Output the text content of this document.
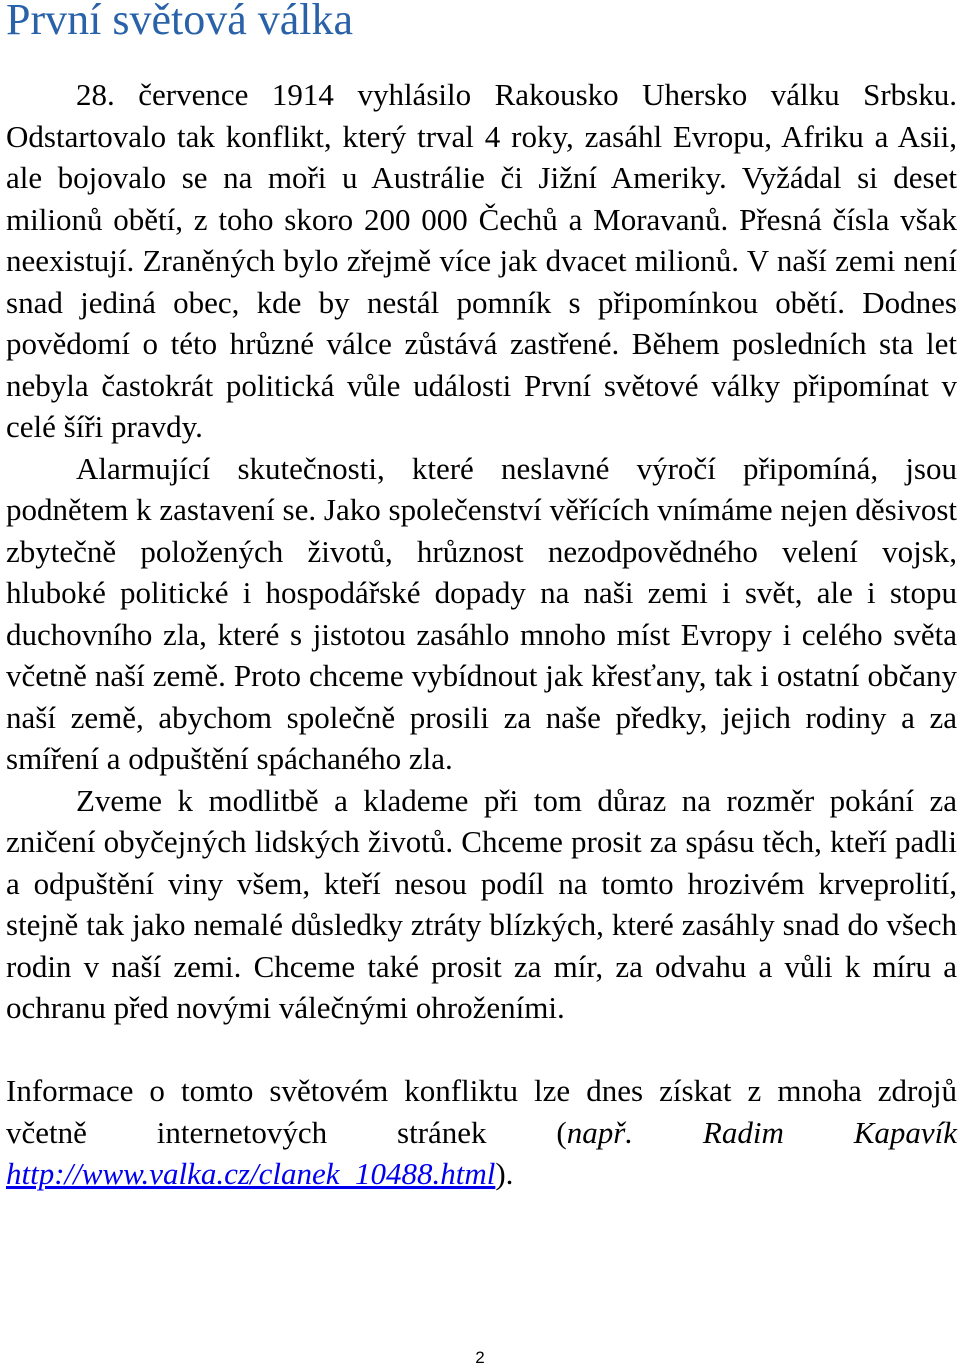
První světová válka

28. července 1914 vyhlásilo Rakousko Uhersko válku Srbsku. Odstartovalo tak konflikt, který trval 4 roky, zasáhl Evropu, Afriku a Asii, ale bojovalo se na moři u Austrálie či Jižní Ameriky. Vyžádal si deset milionů obětí, z toho skoro 200 000 Čechů a Moravanů. Přesná čísla však neexistují. Zraněných bylo zřejmě více jak dvacet milionů. V naší zemi není snad jediná obec, kde by nestál pomník s připomínkou obětí. Dodnes povědomí o této hrůzné válce zůstává zastřené. Během posledních sta let nebyla častokrát politická vůle události První světové války připomínat v celé šíři pravdy.

Alarmující skutečnosti, které neslavné výročí připomíná, jsou podnětem k zastavení se. Jako společenství věřících vnímáme nejen děsivost zbytečně položených životů, hrůznost nezodpovědného velení vojsk, hluboké politické i hospodářské dopady na naši zemi i svět, ale i stopu duchovního zla, které s jistotou zasáhlo mnoho míst Evropy i celého světa včetně naší země. Proto chceme vybídnout jak křesťany, tak i ostatní občany naší země, abychom společně prosili za naše předky, jejich rodiny a za smíření a odpuštění spáchaného zla.

Zveme k modlitbě a klademe při tom důraz na rozměr pokání za zničení obyčejných lidských životů. Chceme prosit za spásu těch, kteří padli a odpuštění viny všem, kteří nesou podíl na tomto hrozivém krveprolití, stejně tak jako nemalé důsledky ztráty blízkých, které zasáhly snad do všech rodin v naší zemi. Chceme také prosit za mír, za odvahu a vůli k míru a ochranu před novými válečnými ohroženími.

Informace o tomto světovém konfliktu lze dnes získat z mnoha zdrojů včetně internetových stránek (např. Radim Kapavík http://www.valka.cz/clanek_10488.html).

2
